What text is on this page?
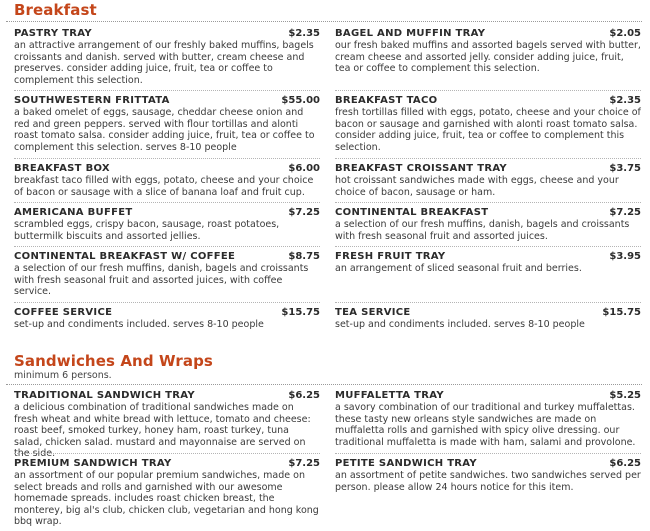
Breakfast
PASTRY TRAY	$2.35
an attractive arrangement of our freshly baked muffins, bagels croissants and danish. served with butter, cream cheese and preserves. consider adding juice, fruit, tea or coffee to complement this selection.
BAGEL AND MUFFIN TRAY	$2.05
our fresh baked muffins and assorted bagels served with butter, cream cheese and assorted jelly. consider adding juice, fruit, tea or coffee to complement this selection.
SOUTHWESTERN FRITTATA	$55.00
a baked omelet of eggs, sausage, cheddar cheese onion and red and green peppers. served with flour tortillas and alonti roast tomato salsa. consider adding juice, fruit, tea or coffee to complement this selection. serves 8-10 people
BREAKFAST TACO	$2.35
fresh tortillas filled with eggs, potato, cheese and your choice of bacon or sausage and garnished with alonti roast tomato salsa. consider adding juice, fruit, tea or coffee to complement this selection.
BREAKFAST BOX	$6.00
breakfast taco filled with eggs, potato, cheese and your choice of bacon or sausage with a slice of banana loaf and fruit cup.
BREAKFAST CROISSANT TRAY	$3.75
hot croissant sandwiches made with eggs, cheese and your choice of bacon, sausage or ham.
AMERICANA BUFFET	$7.25
scrambled eggs, crispy bacon, sausage, roast potatoes, buttermilk biscuits and assorted jellies.
CONTINENTAL BREAKFAST	$7.25
a selection of our fresh muffins, danish, bagels and croissants with fresh seasonal fruit and assorted juices.
CONTINENTAL BREAKFAST W/ COFFEE	$8.75
a selection of our fresh muffins, danish, bagels and croissants with fresh seasonal fruit and assorted juices, with coffee service.
FRESH FRUIT TRAY	$3.95
an arrangement of sliced seasonal fruit and berries.
COFFEE SERVICE	$15.75
set-up and condiments included. serves 8-10 people
TEA SERVICE	$15.75
set-up and condiments included. serves 8-10 people
Sandwiches And Wraps
minimum 6 persons.
TRADITIONAL SANDWICH TRAY	$6.25
a delicious combination of traditional sandwiches made on fresh wheat and white bread with lettuce, tomato and cheese: roast beef, smoked turkey, honey ham, roast turkey, tuna salad, chicken salad. mustard and mayonnaise are served on the side.
MUFFALETTA TRAY	$5.25
a savory combination of our traditional and turkey muffalettas. these tasty new orleans style sandwiches are made on muffaletta rolls and garnished with spicy olive dressing. our traditional muffaletta is made with ham, salami and provolone.
PREMIUM SANDWICH TRAY	$7.25
an assortment of our popular premium sandwiches, made on select breads and rolls and garnished with our awesome homemade spreads. includes roast chicken breast, the monterey, big al's club, chicken club, vegetarian and hong kong bbq wrap.
PETITE SANDWICH TRAY	$6.25
an assortment of petite sandwiches. two sandwiches served per person. please allow 24 hours notice for this item.
